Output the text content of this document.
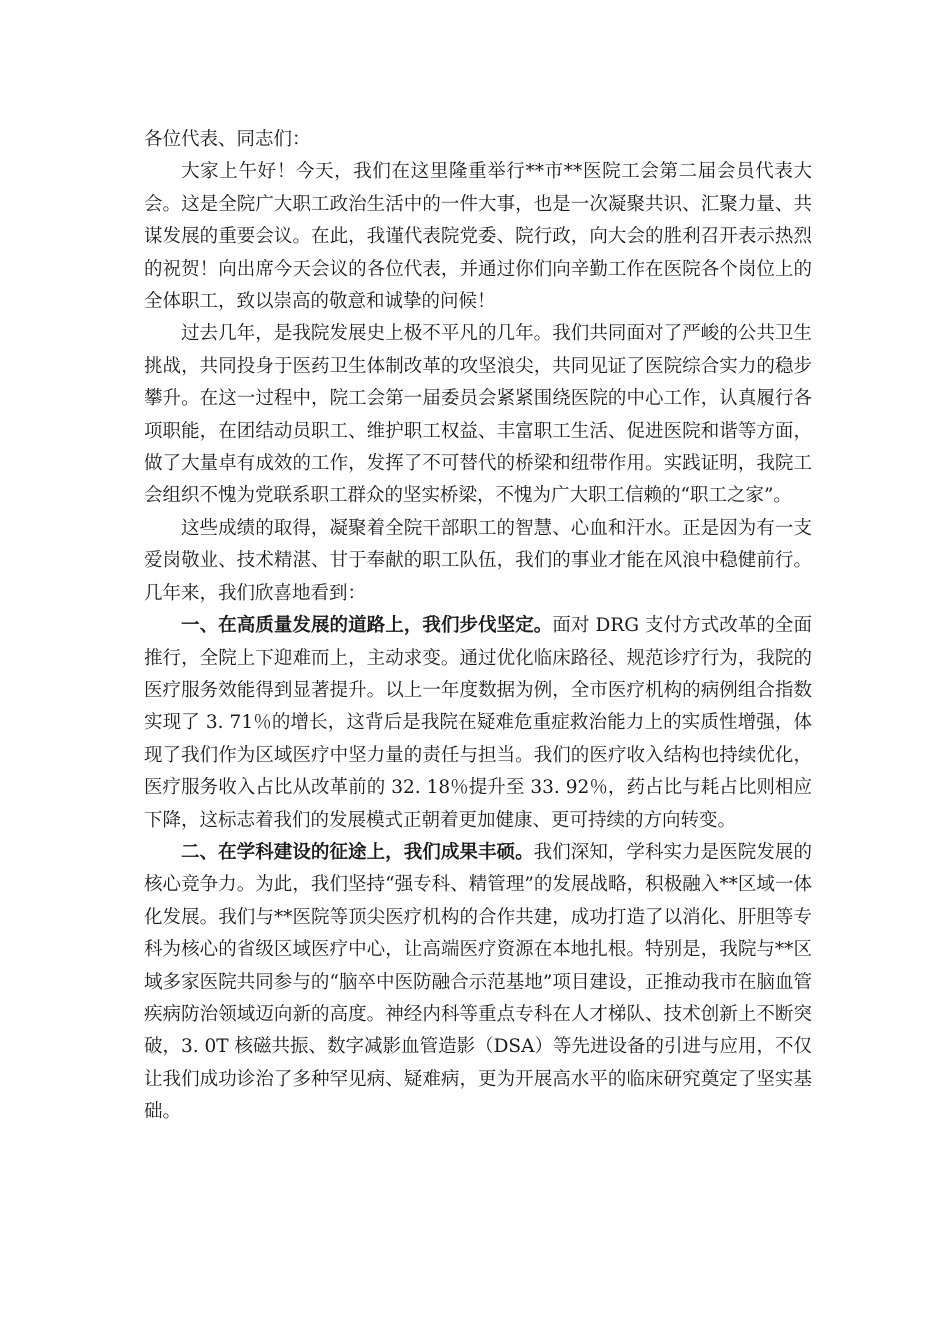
各位代表、同志们：

大家上午好！今天，我们在这里隆重举行**市**医院工会第二届会员代表大会。这是全院广大职工政治生活中的一件大事，也是一次凝聚共识、汇聚力量、共谋发展的重要会议。在此，我谨代表院党委、院行政，向大会的胜利召开表示热烈的祝贺！向出席今天会议的各位代表，并通过你们向辛勤工作在医院各个岗位上的全体职工，致以崇高的敬意和诚挚的问候！

过去几年，是我院发展史上极不平凡的几年。我们共同面对了严峻的公共卫生挑战，共同投身于医药卫生体制改革的攻坚浪尖，共同见证了医院综合实力的稳步攀升。在这一过程中，院工会第一届委员会紧紧围绕医院的中心工作，认真履行各项职能，在团结动员职工、维护职工权益、丰富职工生活、促进医院和谐等方面，做了大量卓有成效的工作，发挥了不可替代的桥梁和纽带作用。实践证明，我院工会组织不愧为党联系职工群众的坚实桥梁，不愧为广大职工信赖的“职工之家”。

这些成绩的取得，凝聚着全院干部职工的智慧、心血和汗水。正是因为有一支爱岗敬业、技术精湛、甘于奉献的职工队伍，我们的事业才能在风浪中稳健前行。几年来，我们欣喜地看到：

一、在高质量发展的道路上，我们步伐坚定。面对 DRG 支付方式改革的全面推行，全院上下迎难而上，主动求变。通过优化临床路径、规范诊疗行为，我院的医疗服务效能得到显著提升。以上一年度数据为例，全市医疗机构的病例组合指数实现了 3. 71％的增长，这背后是我院在疑难危重症救治能力上的实质性增强，体现了我们作为区域医疗中坚力量的责任与担当。我们的医疗收入结构也持续优化，医疗服务收入占比从改革前的 32. 18％提升至 33. 92％，药占比与耗占比则相应下降，这标志着我们的发展模式正朝着更加健康、更可持续的方向转变。

二、在学科建设的征途上，我们成果丰硕。我们深知，学科实力是医院发展的核心竞争力。为此，我们坚持“强专科、精管理”的发展战略，积极融入**区域一体化发展。我们与**医院等顶尖医疗机构的合作共建，成功打造了以消化、肝胆等专科为核心的省级区域医疗中心，让高端医疗资源在本地扎根。特别是，我院与**区域多家医院共同参与的“脑卒中医防融合示范基地”项目建设，正推动我市在脑血管疾病防治领域迈向新的高度。神经内科等重点专科在人才梯队、技术创新上不断突破，3. 0T 核磁共振、数字减影血管造影（DSA）等先进设备的引进与应用，不仅让我们成功诊治了多种罕见病、疑难病，更为开展高水平的临床研究奠定了坚实基础。
